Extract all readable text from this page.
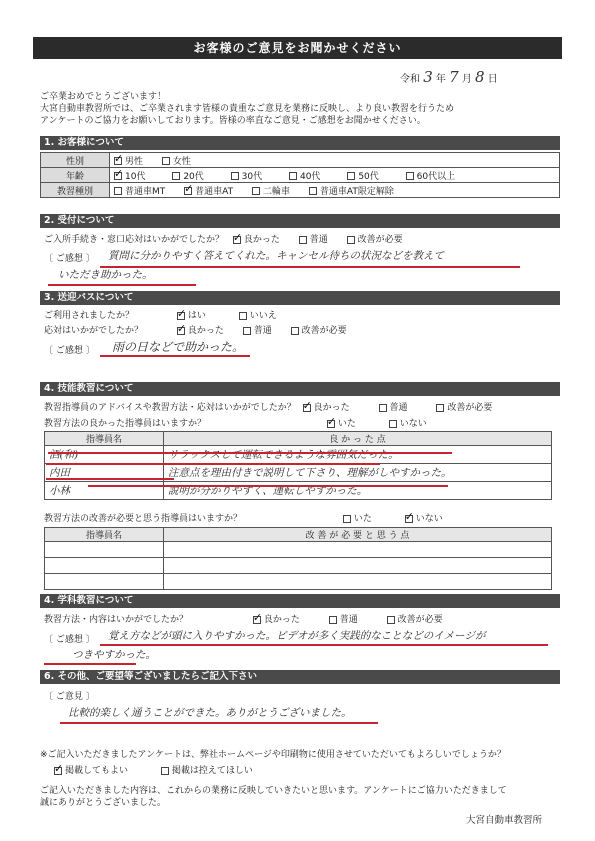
お客様のご意見をお聞かせください
令和 3 年 7 月 8 日
ご卒業おめでとうございます！
大宮自動車教習所では、ご卒業されます皆様の貴重なご意見を業務に反映し、より良い教習を行うため
アンケートのご協力をお願いしております。皆様の率直なご意見・ご感想をお聞かせください。
1. お客様について
性別	✓男性 女性
年齢	✓10代 20代 30代 40代 50代 60代以上
教習種別	普通車MT ✓ 普通車AT 二輪車 普通車AT限定解除
2. 受付について
ご入所手続き・窓口応対はいかがでしたか？ ✓ 良かった	普通	改善が必要
〔 ご感想 〕 質問に分かりやすく答えてくれた。キャンセル待ちの状況などを教えて
いただき助かった。
3. 送迎バスについて
ご利用されましたか？ ✓	はい	いいえ
応対はいかがでしたか？ ✓	良かった	普通	改善が必要
〔 ご感想 〕 雨の日などで助かった。
4. 技能教習について
教習指導員のアドバイスや教習方法・応対はいかがでしたか？ ✓ 良かった	普通	改善が必要
教習方法の良かった指導員はいますか？ ✓	いた	いない
指導員名	良 か っ た 点
酒(和)	リラックスして運転できるような雰囲気だった。
内田	注意点を理由付きで説明して下さり、理解がしやすかった。
小林	説明が分かりやすく、運転しやすかった。
教習方法の改善が必要と思う指導員はいますか？	いた ✓	いない
指導員名	改 善 が 必 要 と 思 う 点

4. 学科教習について
教習方法・内容はいかがでしたか？ ✓	良かった	普通	改善が必要
〔 ご感想 〕 覚え方などが頭に入りやすかった。ビデオが多く実践的なことなどのイメージが
つきやすかった。
6. その他、ご要望等ございましたらご記入下さい
〔 ご意見 〕
比較的楽しく通うことができた。ありがとうございました。
※ご記入いただきましたアンケートは、弊社ホームページや印刷物に使用させていただいてもよろしいでしょうか？
✓掲載してもよい	掲載は控えてほしい
ご記入いただきました内容は、これからの業務に反映していきたいと思います。アンケートにご協力いただきまして
誠にありがとうございました。
大宮自動車教習所
